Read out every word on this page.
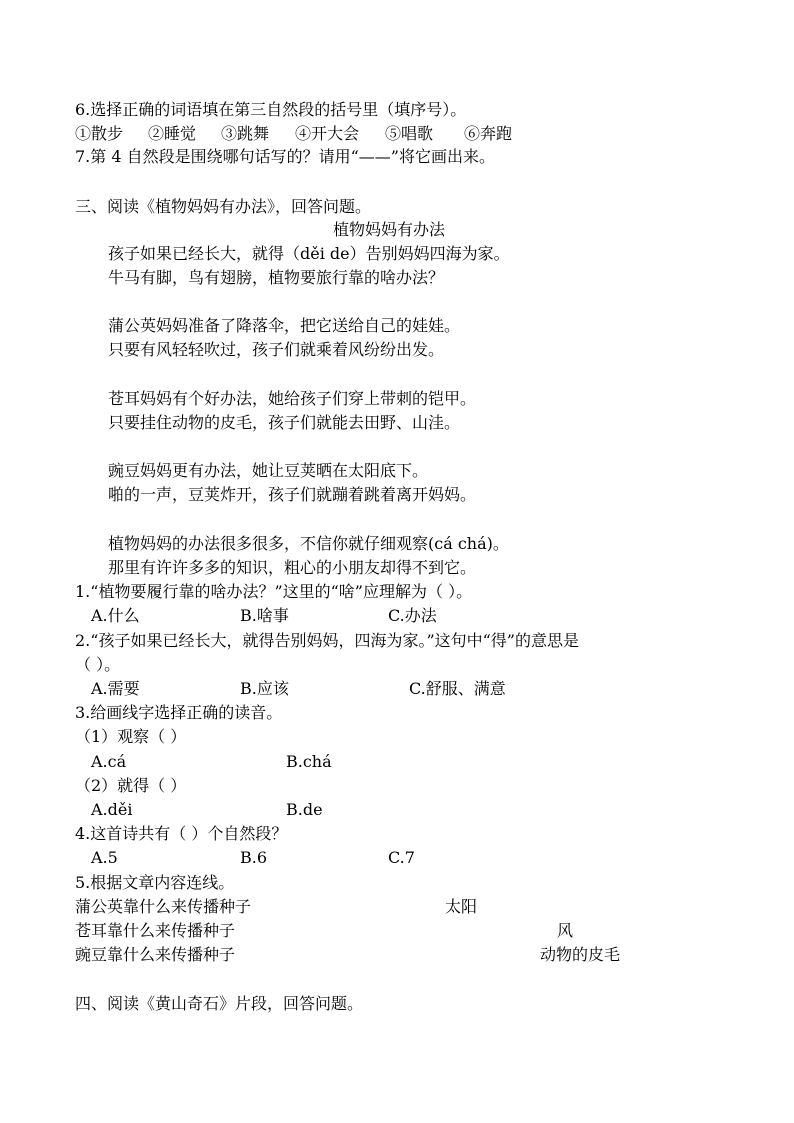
6.选择正确的词语填在第三自然段的括号里（填序号）。
①散步 ②睡觉 ③跳舞 ④开大会 ⑤唱歌 ⑥奔跑
7.第 4 自然段是围绕哪句话写的？请用“——”将它画出来。
三、阅读《植物妈妈有办法》，回答问题。
植物妈妈有办法
孩子如果已经长大，就得（děi de）告别妈妈四海为家。
牛马有脚，鸟有翅膀，植物要旅行靠的啥办法？
蒲公英妈妈准备了降落伞，把它送给自己的娃娃。
只要有风轻轻吹过，孩子们就乘着风纷纷出发。
苍耳妈妈有个好办法，她给孩子们穿上带刺的铠甲。
只要挂住动物的皮毛，孩子们就能去田野、山洼。
豌豆妈妈更有办法，她让豆荚晒在太阳底下。
啪的一声，豆荚炸开，孩子们就蹦着跳着离开妈妈。
植物妈妈的办法很多很多，不信你就仔细观察(cá chá)。
那里有许许多多的知识，粗心的小朋友却得不到它。
1.“植物要履行靠的啥办法？”这里的“啥”应理解为（ ）。
A.什么	B.啥事	C.办法
2.“孩子如果已经长大，就得告别妈妈，四海为家。”这句中“得”的意思是
（ ）。
A.需要	B.应该	C.舒服、满意
3.给画线字选择正确的读音。
（1）观察（ ）
A.cá	B.chá
（2）就得（ ）
A.děi	B.de
4.这首诗共有（ ）个自然段？
A.5	B.6	C.7
5.根据文章内容连线。
蒲公英靠什么来传播种子	太阳
苍耳靠什么来传播种子	风
豌豆靠什么来传播种子	动物的皮毛
四、阅读《黄山奇石》片段，回答问题。
